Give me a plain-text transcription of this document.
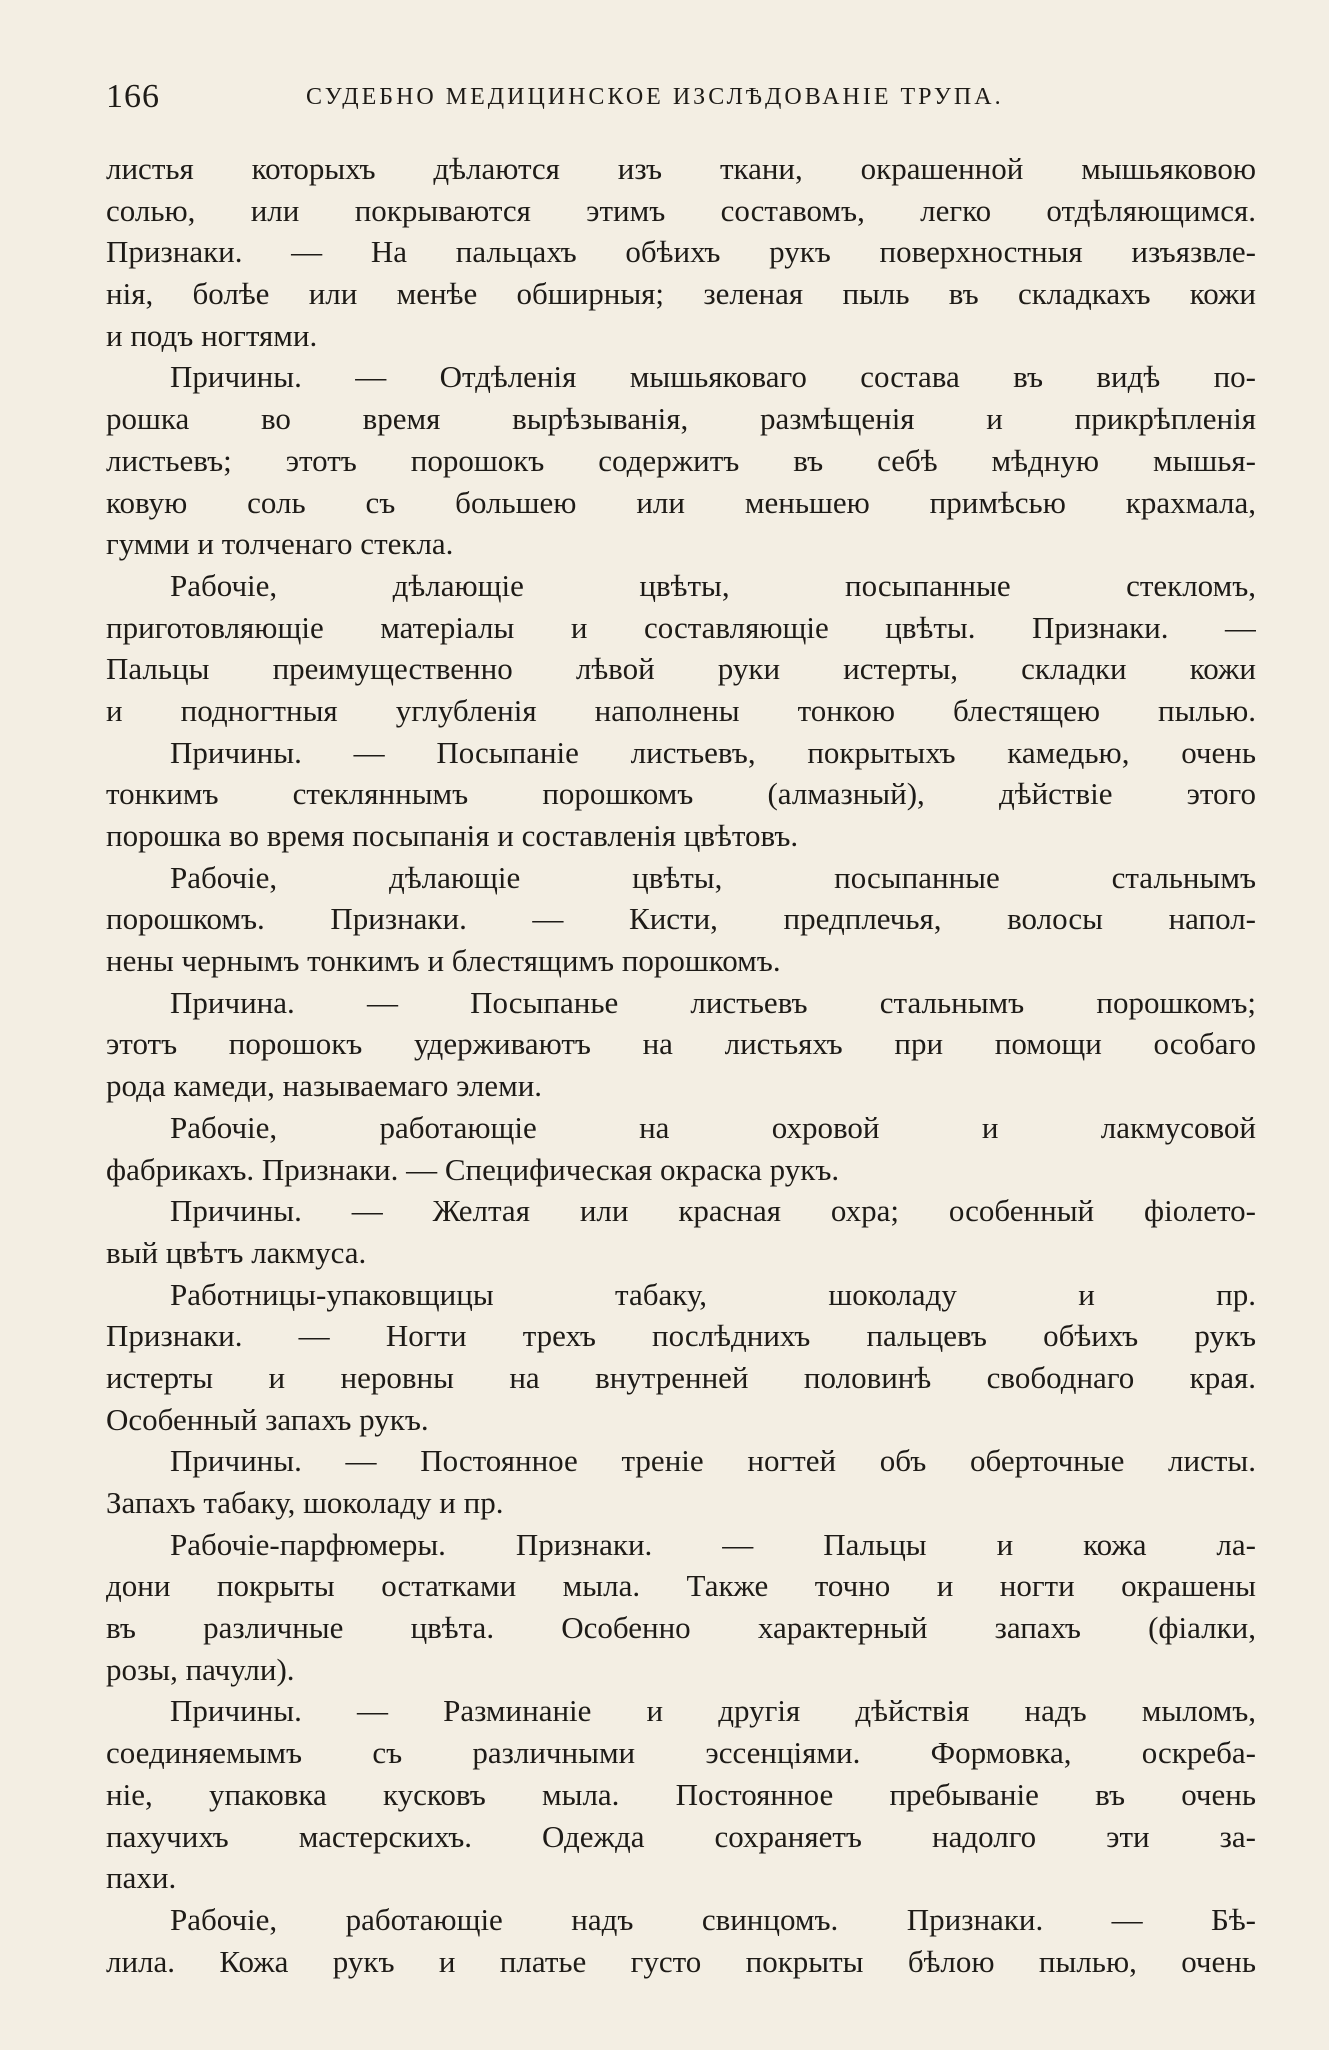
166	СУДЕБНО МЕДИЦИНСКОЕ ИЗСЛѢДОВАНІЕ ТРУПА.
листья которыхъ дѣлаются изъ ткани, окрашенной мышьяковою
солью, или покрываются этимъ составомъ, легко отдѣляющимся.
Признаки. — На пальцахъ обѣихъ рукъ поверхностныя изъязвле-
нія, болѣе или менѣе обширныя; зеленая пыль въ складкахъ кожи
и подъ ногтями.
Причины. — Отдѣленія мышьяковаго состава въ видѣ по-
рошка во время вырѣзыванія, размѣщенія и прикрѣпленія
листьевъ; этотъ порошокъ содержитъ въ себѣ мѣдную мышья-
ковую соль съ большею или меньшею примѣсью крахмала,
гумми и толченаго стекла.
Рабочіе, дѣлающіе цвѣты, посыпанные стекломъ,
приготовляющіе матеріалы и составляющіе цвѣты. Признаки. —
Пальцы преимущественно лѣвой руки истерты, складки кожи
и подногтныя углубленія наполнены тонкою блестящею пылью.
Причины. — Посыпаніе листьевъ, покрытыхъ камедью, очень
тонкимъ стекляннымъ порошкомъ (алмазный), дѣйствіе этого
порошка во время посыпанія и составленія цвѣтовъ.
Рабочіе, дѣлающіе цвѣты, посыпанные стальнымъ
порошкомъ. Признаки. — Кисти, предплечья, волосы напол-
нены чернымъ тонкимъ и блестящимъ порошкомъ.
Причина. — Посыпанье листьевъ стальнымъ порошкомъ;
этотъ порошокъ удерживаютъ на листьяхъ при помощи особаго
рода камеди, называемаго элеми.
Рабочіе, работающіе на охровой и лакмусовой
фабрикахъ. Признаки. — Специфическая окраска рукъ.
Причины. — Желтая или красная охра; особенный фіолето-
вый цвѣтъ лакмуса.
Работницы-упаковщицы табаку, шоколаду и пр.
Признаки. — Ногти трехъ послѣднихъ пальцевъ обѣихъ рукъ
истерты и неровны на внутренней половинѣ свободнаго края.
Особенный запахъ рукъ.
Причины. — Постоянное треніе ногтей объ оберточные листы.
Запахъ табаку, шоколаду и пр.
Рабочіе-парфюмеры. Признаки. — Пальцы и кожа ла-
дони покрыты остатками мыла. Также точно и ногти окрашены
въ различные цвѣта. Особенно характерный запахъ (фіалки,
розы, пачули).
Причины. — Разминаніе и другія дѣйствія надъ мыломъ,
соединяемымъ съ различными эссенціями. Формовка, оскреба-
ніе, упаковка кусковъ мыла. Постоянное пребываніе въ очень
пахучихъ мастерскихъ. Одежда сохраняетъ надолго эти за-
пахи.
Рабочіе, работающіе надъ свинцомъ. Признаки. — Бѣ-
лила. Кожа рукъ и платье густо покрыты бѣлою пылью, очень
